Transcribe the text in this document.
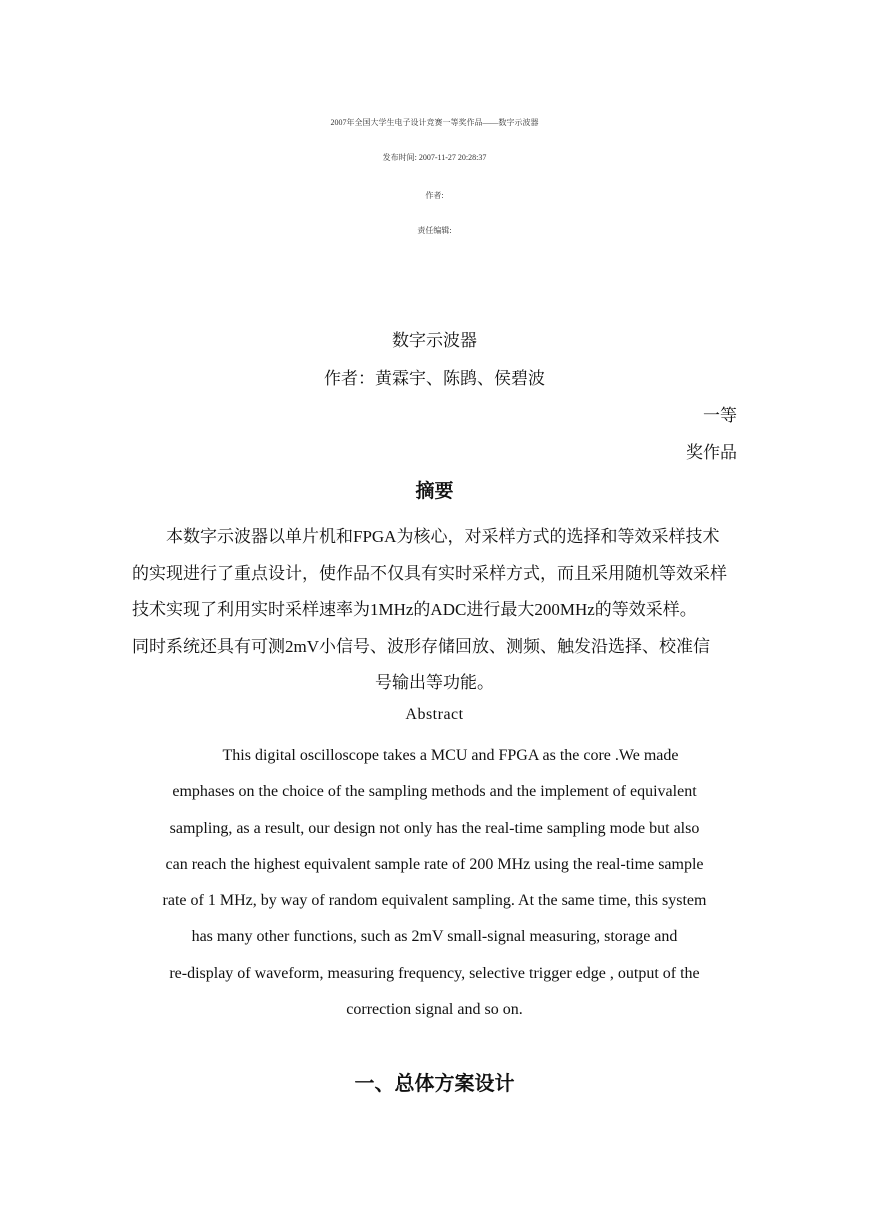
2007年全国大学生电子设计竞赛一等奖作品——数字示波器
发布时间: 2007-11-27 20:28:37
作者:
责任编辑:
数字示波器
作者：黄霖宇、陈鹍、侯碧波
一等
奖作品
摘要
本数字示波器以单片机和FPGA为核心，对采样方式的选择和等效采样技术
的实现进行了重点设计，使作品不仅具有实时采样方式，而且采用随机等效采样
技术实现了利用实时采样速率为1MHz的ADC进行最大200MHz的等效采样。
同时系统还具有可测2mV小信号、波形存储回放、测频、触发沿选择、校准信
号输出等功能。
Abstract
This digital oscilloscope takes a MCU and FPGA as the core .We made
emphases on the choice of the sampling methods and the implement of equivalent
sampling, as a result, our design not only has the real-time sampling mode but also
can reach the highest equivalent sample rate of 200 MHz using the real-time sample
rate of 1 MHz, by way of random equivalent sampling. At the same time, this system
has many other functions, such as 2mV small-signal measuring, storage and
re-display of waveform, measuring frequency, selective trigger edge , output of the
correction signal and so on.
一、总体方案设计
